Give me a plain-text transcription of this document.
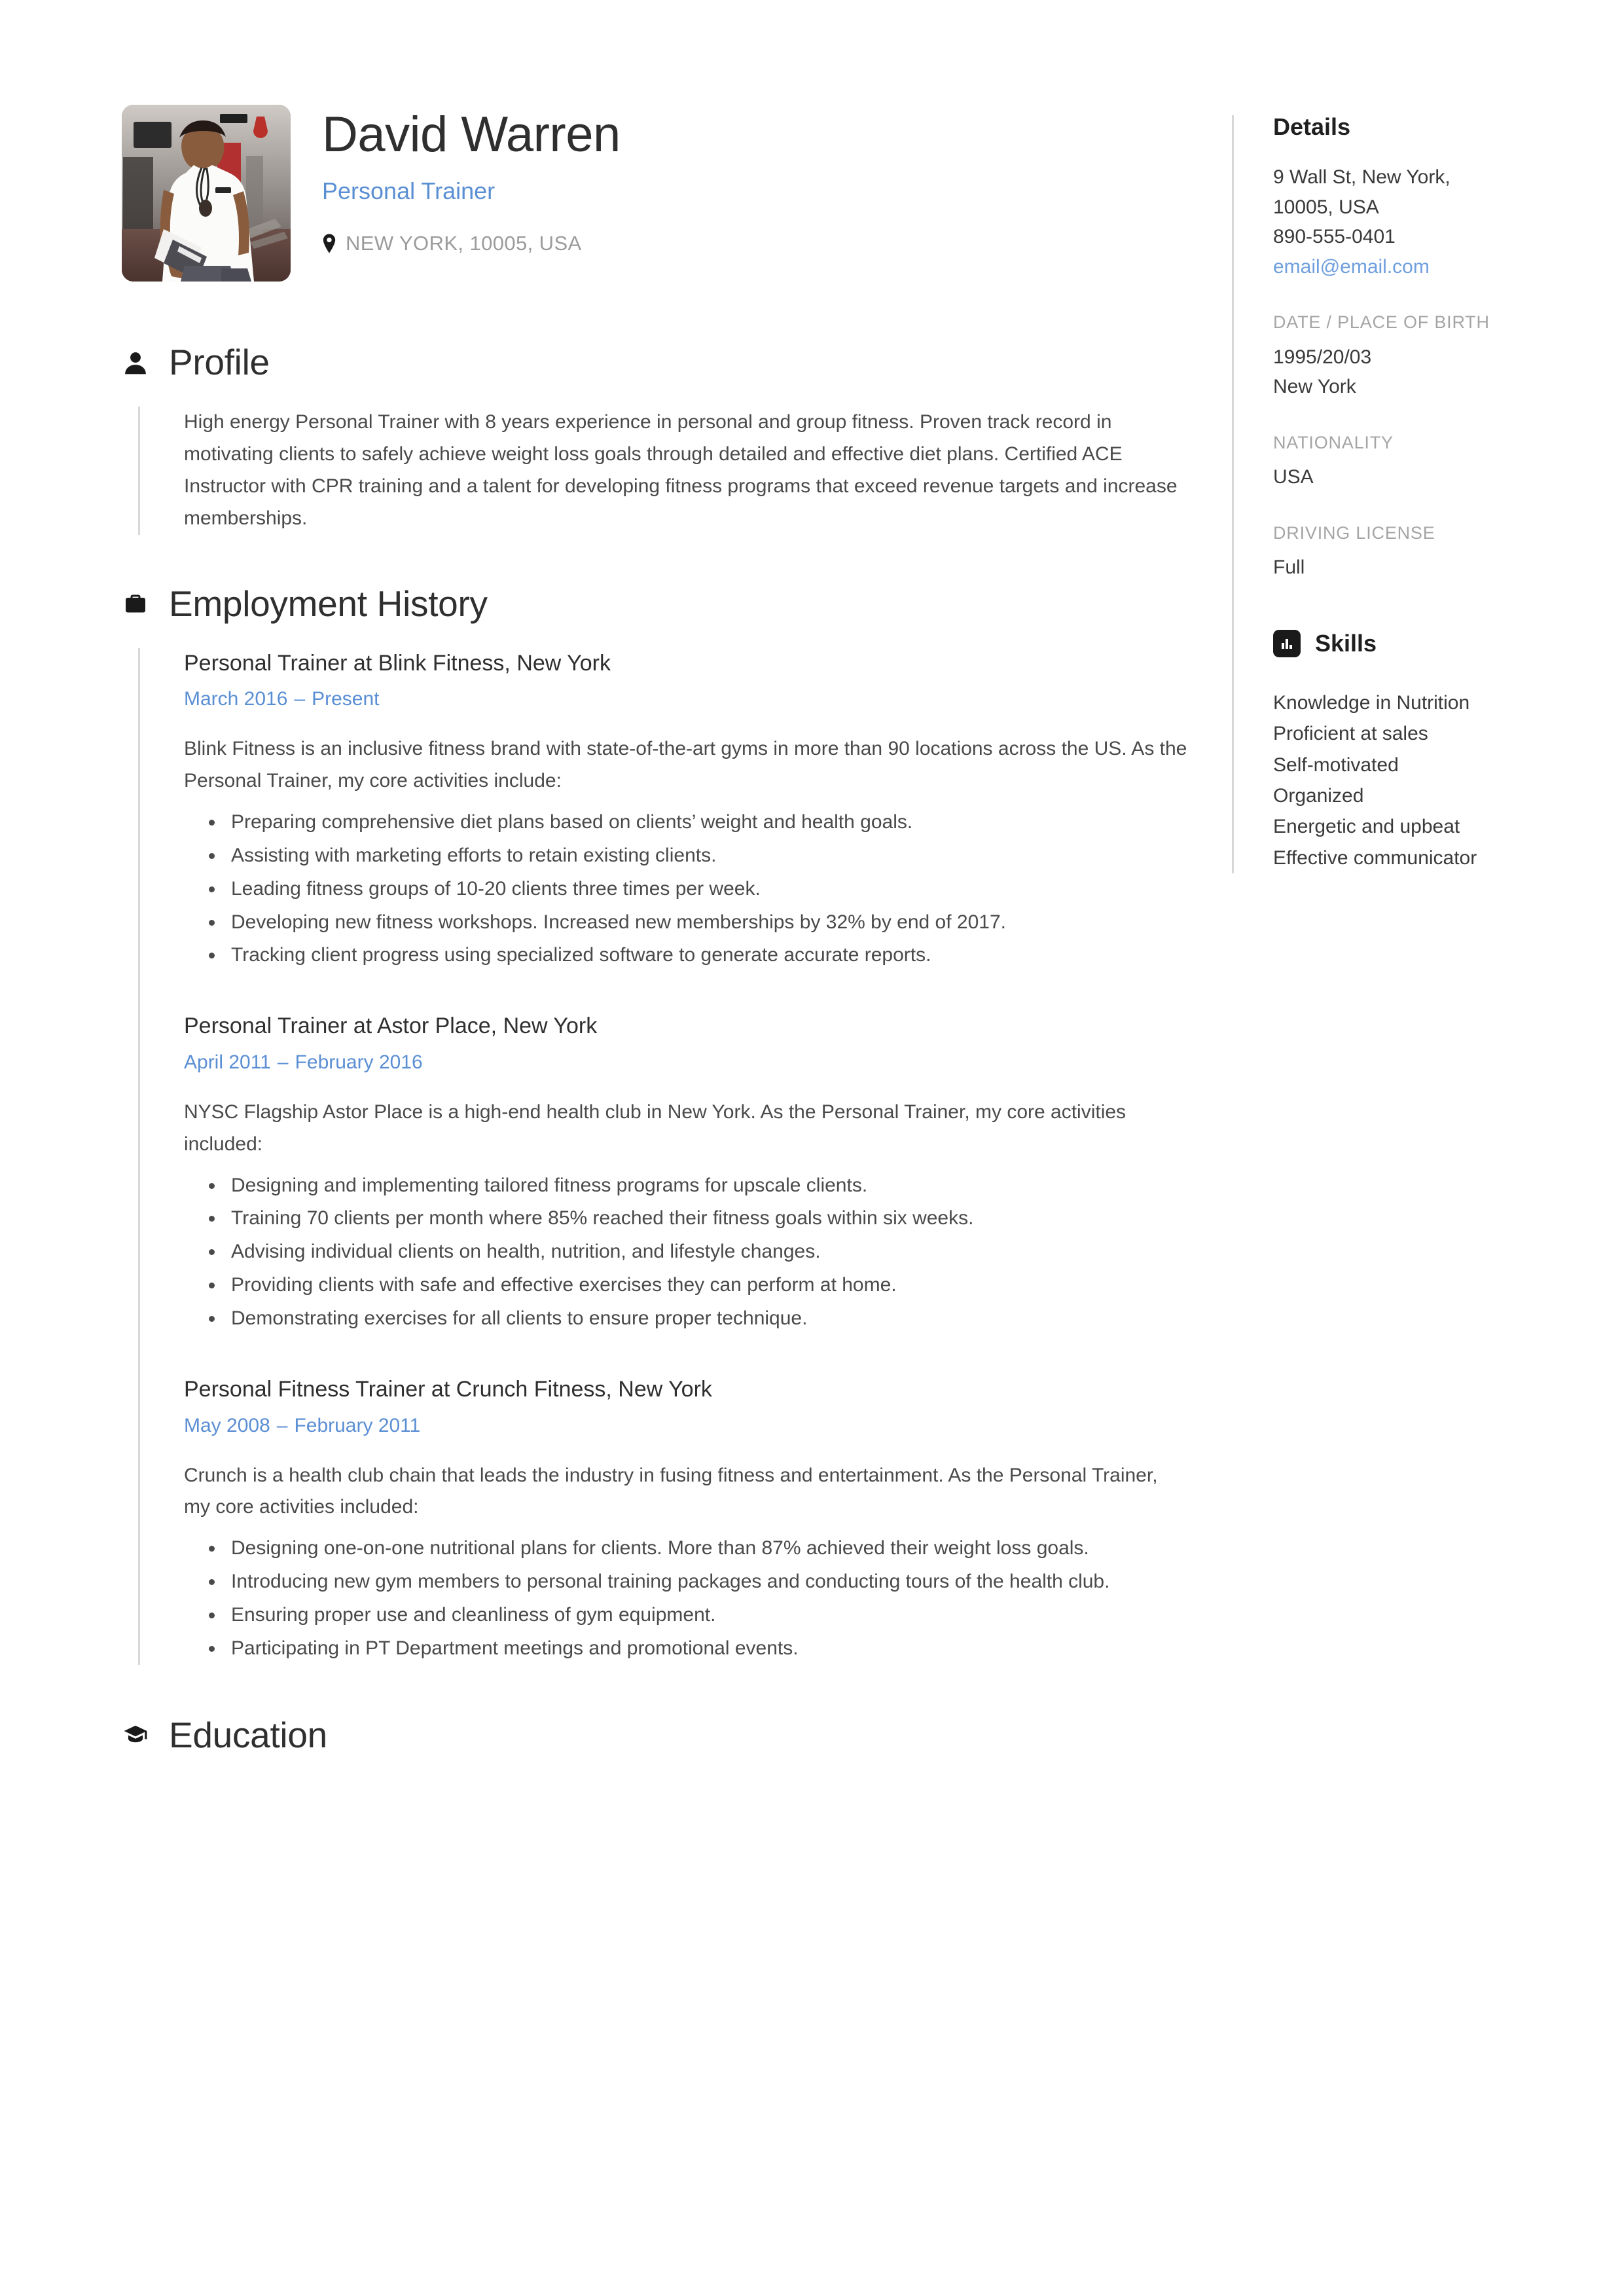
David Warren
Personal Trainer
NEW YORK, 10005, USA
Profile

High energy Personal Trainer with 8 years experience in personal and group fitness. Proven track record in motivating clients to safely achieve weight loss goals through detailed and effective diet plans. Certified ACE Instructor with CPR training and a talent for developing fitness programs that exceed revenue targets and increase memberships.

Employment History
Personal Trainer at Blink Fitness, New York
March 2016 – Present

Blink Fitness is an inclusive fitness brand with state-of-the-art gyms in more than 90 locations across the US. As the Personal Trainer, my core activities include:

Preparing comprehensive diet plans based on clients’ weight and health goals.
Assisting with marketing efforts to retain existing clients.
Leading fitness groups of 10-20 clients three times per week.
Developing new fitness workshops. Increased new memberships by 32% by end of 2017.
Tracking client progress using specialized software to generate accurate reports.
Personal Trainer at Astor Place, New York
April 2011 – February 2016

NYSC Flagship Astor Place is a high-end health club in New York. As the Personal Trainer, my core activities included:

Designing and implementing tailored fitness programs for upscale clients.
Training 70 clients per month where 85% reached their fitness goals within six weeks.
Advising individual clients on health, nutrition, and lifestyle changes.
Providing clients with safe and effective exercises they can perform at home.
Demonstrating exercises for all clients to ensure proper technique.
Personal Fitness Trainer at Crunch Fitness, New York
May 2008 – February 2011

Crunch is a health club chain that leads the industry in fusing fitness and entertainment. As the Personal Trainer, my core activities included:

Designing one-on-one nutritional plans for clients. More than 87% achieved their weight loss goals.
Introducing new gym members to personal training packages and conducting tours of the health club.
Ensuring proper use and cleanliness of gym equipment.
Participating in PT Department meetings and promotional events.
Education
Details
9 Wall St, New York,
10005, USA
890-555-0401
email@email.com
DATE / PLACE OF BIRTH
1995/20/03
New York
NATIONALITY
USA
DRIVING LICENSE
Full
Skills
Knowledge in Nutrition
Proficient at sales
Self-motivated
Organized
Energetic and upbeat
Effective communicator
